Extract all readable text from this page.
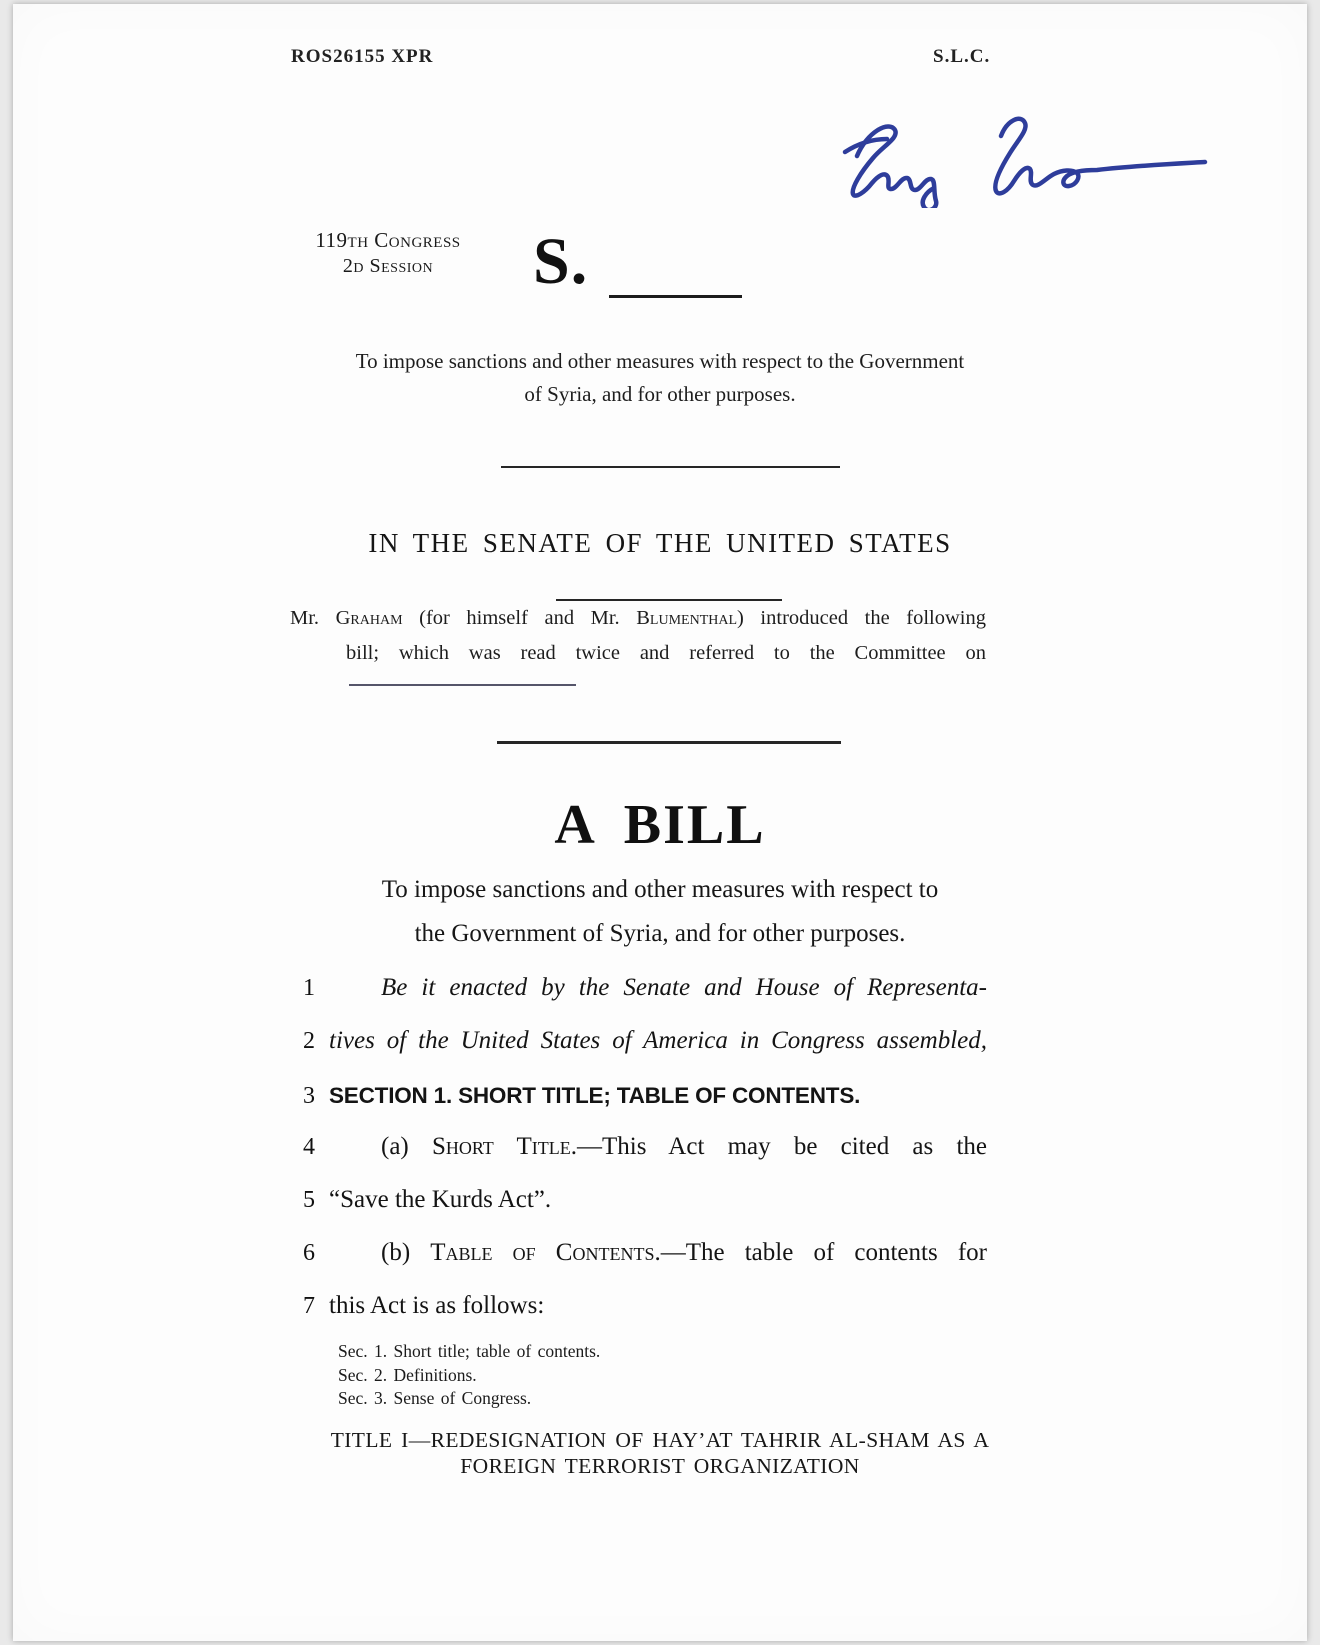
ROS26155 XPR	S.L.C.
119th Congress
2d Session	S.
To impose sanctions and other measures with respect to the Government
of Syria, and for other purposes.
IN THE SENATE OF THE UNITED STATES
Mr. Graham (for himself and Mr. Blumenthal) introduced the following
bill; which was read twice and referred to the Committee on
A BILL
To impose sanctions and other measures with respect to
the Government of Syria, and for other purposes.
1	Be it enacted by the Senate and House of Representa-
2 tives of the United States of America in Congress assembled,
3 SECTION 1. SHORT TITLE; TABLE OF CONTENTS.
4	(a) Short Title.—This Act may be cited as the
5 “Save the Kurds Act”.
6	(b) Table of Contents.—The table of contents for
7 this Act is as follows:
Sec. 1. Short title; table of contents.
Sec. 2. Definitions.
Sec. 3. Sense of Congress.
TITLE I—REDESIGNATION OF HAY’AT TAHRIR AL-SHAM AS A
FOREIGN TERRORIST ORGANIZATION
